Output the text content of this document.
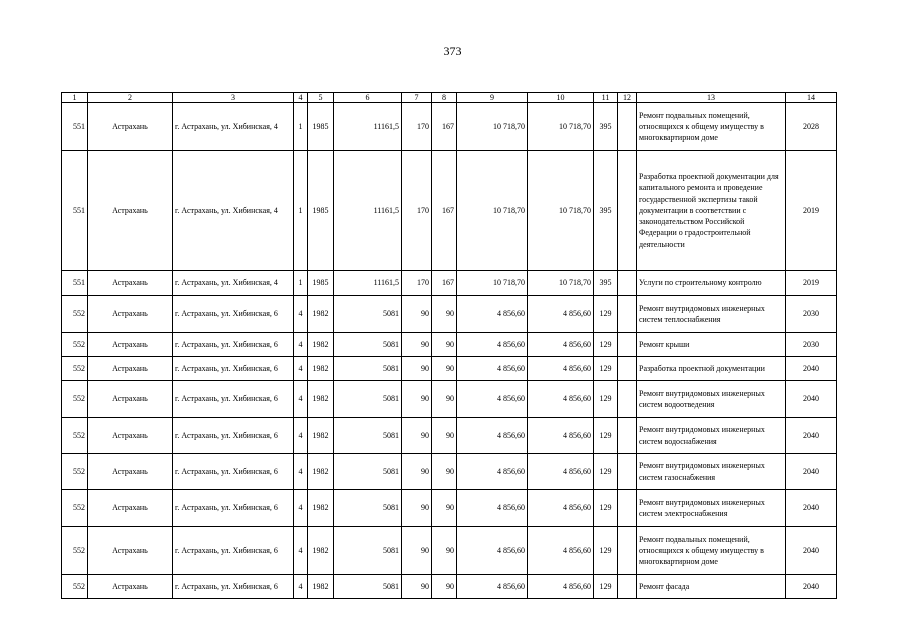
373
1	2	3	4	5	6	7	8	9	10	11	12	13	14
551	Астрахань	г. Астрахань, ул. Хибинская, 4	1	1985	11161,5	170	167	10 718,70	10 718,70	395		Ремонт подвальных помещений, относящихся к общему имуществу в многоквартирном доме	2028
551	Астрахань	г. Астрахань, ул. Хибинская, 4	1	1985	11161,5	170	167	10 718,70	10 718,70	395		Разработка проектной документации для капитального ремонта и проведение государственной экспертизы такой документации в соответствии с законодательством Российской Федерации о градостроительной деятельности	2019
551	Астрахань	г. Астрахань, ул. Хибинская, 4	1	1985	11161,5	170	167	10 718,70	10 718,70	395		Услуги по строительному контролю	2019
552	Астрахань	г. Астрахань, ул. Хибинская, 6	4	1982	5081	90	90	4 856,60	4 856,60	129		Ремонт внутридомовых инженерных систем теплоснабжения	2030
552	Астрахань	г. Астрахань, ул. Хибинская, 6	4	1982	5081	90	90	4 856,60	4 856,60	129		Ремонт крыши	2030
552	Астрахань	г. Астрахань, ул. Хибинская, 6	4	1982	5081	90	90	4 856,60	4 856,60	129		Разработка проектной документации	2040
552	Астрахань	г. Астрахань, ул. Хибинская, 6	4	1982	5081	90	90	4 856,60	4 856,60	129		Ремонт внутридомовых инженерных систем водоотведения	2040
552	Астрахань	г. Астрахань, ул. Хибинская, 6	4	1982	5081	90	90	4 856,60	4 856,60	129		Ремонт внутридомовых инженерных систем водоснабжения	2040
552	Астрахань	г. Астрахань, ул. Хибинская, 6	4	1982	5081	90	90	4 856,60	4 856,60	129		Ремонт внутридомовых инженерных систем газоснабжения	2040
552	Астрахань	г. Астрахань, ул. Хибинская, 6	4	1982	5081	90	90	4 856,60	4 856,60	129		Ремонт внутридомовых инженерных систем электроснабжения	2040
552	Астрахань	г. Астрахань, ул. Хибинская, 6	4	1982	5081	90	90	4 856,60	4 856,60	129		Ремонт подвальных помещений, относящихся к общему имуществу в многоквартирном доме	2040
552	Астрахань	г. Астрахань, ул. Хибинская, 6	4	1982	5081	90	90	4 856,60	4 856,60	129		Ремонт фасада	2040
